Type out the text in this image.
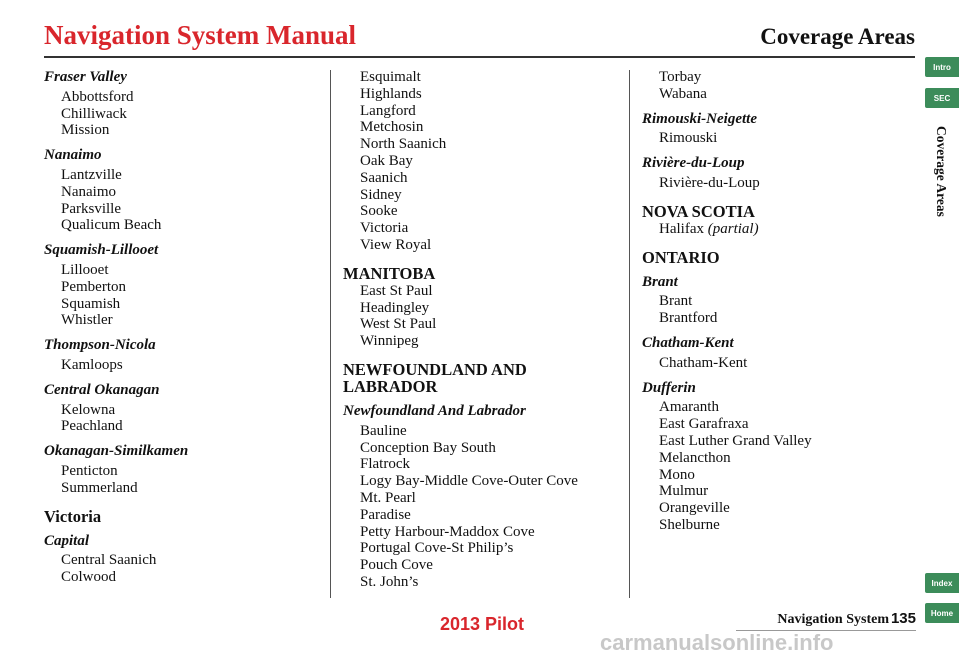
Navigation System Manual	Coverage Areas
Fraser Valley
Abbottsford
Chilliwack
Mission
Nanaimo
Lantzville
Nanaimo
Parksville
Qualicum Beach
Squamish-Lillooet
Lillooet
Pemberton
Squamish
Whistler
Thompson-Nicola
Kamloops
Central Okanagan
Kelowna
Peachland
Okanagan-Similkamen
Penticton
Summerland
Victoria
Capital
Central Saanich
Colwood
Esquimalt
Highlands
Langford
Metchosin
North Saanich
Oak Bay
Saanich
Sidney
Sooke
Victoria
View Royal
MANITOBA
East St Paul
Headingley
West St Paul
Winnipeg
NEWFOUNDLAND AND LABRADOR
Newfoundland And Labrador
Bauline
Conception Bay South
Flatrock
Logy Bay-Middle Cove-Outer Cove
Mt. Pearl
Paradise
Petty Harbour-Maddox Cove
Portugal Cove-St Philip’s
Pouch Cove
St. John’s
Torbay
Wabana
Rimouski-Neigette
Rimouski
Rivière-du-Loup
Rivière-du-Loup
NOVA SCOTIA
Halifax (partial)
ONTARIO
Brant
Brant
Brantford
Chatham-Kent
Chatham-Kent
Dufferin
Amaranth
East Garafraxa
East Luther Grand Valley
Melancthon
Mono
Mulmur
Orangeville
Shelburne
Intro
SEC
Coverage Areas
Index
Home
Navigation System 135
2013 Pilot
carmanualsonline.info
